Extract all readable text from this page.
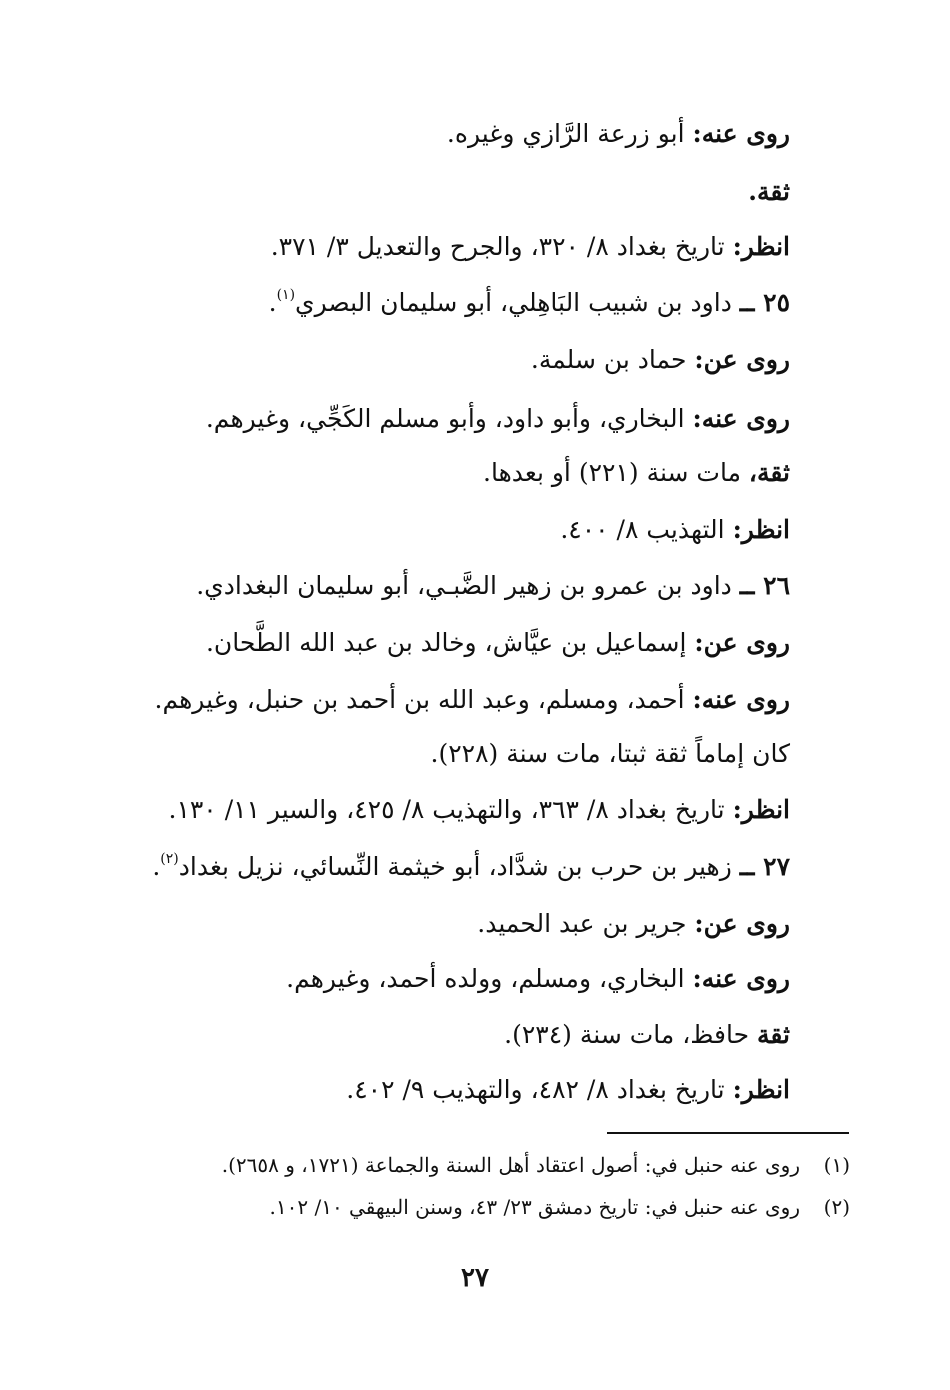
روى عنه: أبو زرعة الرَّازي وغيره.
ثقة.
انظر: تاريخ بغداد ٨/ ٣٢٠، والجرح والتعديل ٣/ ٣٧١.
٢٥ ــ داود بن شبيب البَاهِلي، أبو سليمان البصري$^{(١)}$.
روى عن: حماد بن سلمة.
روى عنه: البخاري، وأبو داود، وأبو مسلم الكَجِّي، وغيرهم.
ثقة، مات سنة (٢٢١) أو بعدها.
انظر: التهذيب ٨/ ٤٠٠.
٢٦ ــ داود بن عمرو بن زهير الضَّبـي، أبو سليمان البغدادي.
روى عن: إسماعيل بن عيَّاش، وخالد بن عبد الله الطَّحان.
روى عنه: أحمد، ومسلم، وعبد الله بن أحمد بن حنبل، وغيرهم.
كان إماماً ثقة ثبتا، مات سنة (٢٢٨).
انظر: تاريخ بغداد ٨/ ٣٦٣، والتهذيب ٨/ ٤٢٥، والسير ١١/ ١٣٠.
٢٧ ــ زهير بن حرب بن شدَّاد، أبو خيثمة النِّسائي، نزيل بغداد$^{(٢)}$.
روى عن: جرير بن عبد الحميد.
روى عنه: البخاري، ومسلم، وولده أحمد، وغيرهم.
ثقة حافظ، مات سنة (٢٣٤).
انظر: تاريخ بغداد ٨/ ٤٨٢، والتهذيب ٩/ ٤٠٢.
(١)روى عنه حنبل في: أصول اعتقاد أهل السنة والجماعة (١٧٢١، و ٢٦٥٨).
(٢)روى عنه حنبل في: تاريخ دمشق ٢٣/ ٤٣، وسنن البيهقي ١٠/ ١٠٢.
٢٧
